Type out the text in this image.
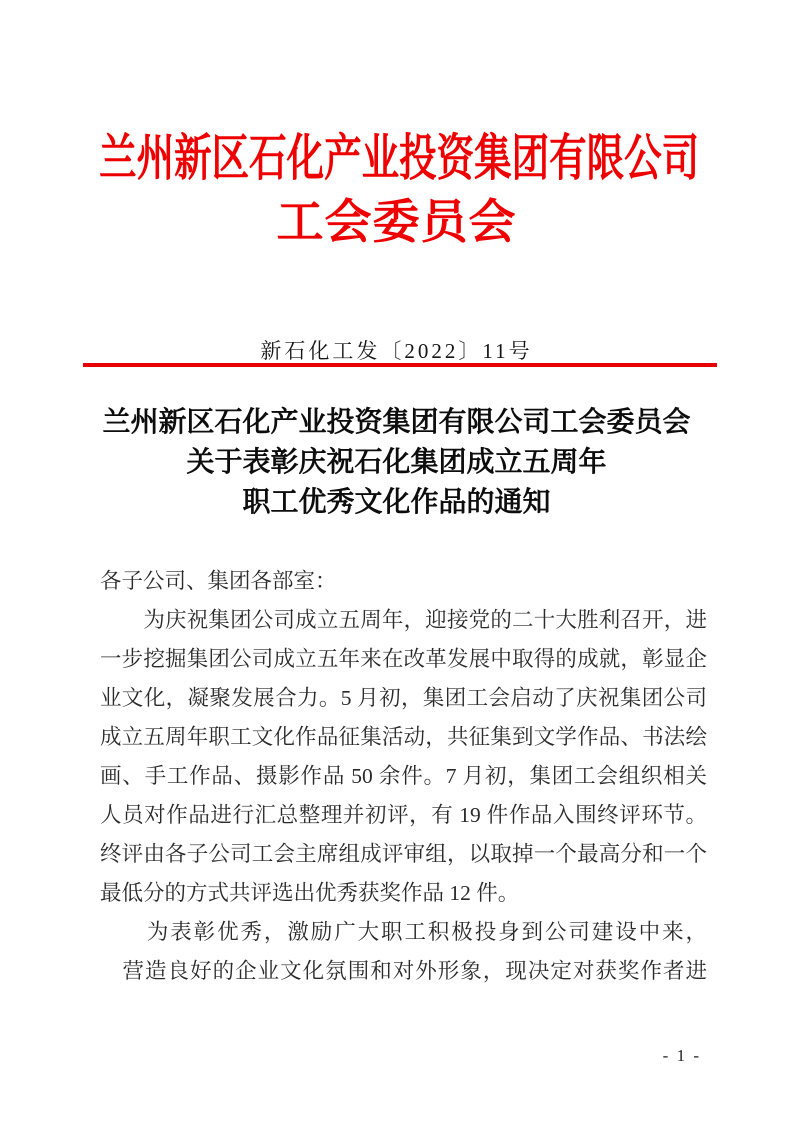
兰州新区石化产业投资集团有限公司
工会委员会
新石化工发〔2022〕11号
兰州新区石化产业投资集团有限公司工会委员会
关于表彰庆祝石化集团成立五周年
职工优秀文化作品的通知
各子公司、集团各部室：
　　为庆祝集团公司成立五周年，迎接党的二十大胜利召开，进
一步挖掘集团公司成立五年来在改革发展中取得的成就，彰显企
业文化，凝聚发展合力。5 月初，集团工会启动了庆祝集团公司
成立五周年职工文化作品征集活动，共征集到文学作品、书法绘
画、手工作品、摄影作品 50 余件。7 月初，集团工会组织相关
人员对作品进行汇总整理并初评，有 19 件作品入围终评环节。
终评由各子公司工会主席组成评审组，以取掉一个最高分和一个
最低分的方式共评选出优秀获奖作品 12 件。
　　为表彰优秀，激励广大职工积极投身到公司建设中来，
　营造良好的企业文化氛围和对外形象，现决定对获奖作者进
- 1 -
